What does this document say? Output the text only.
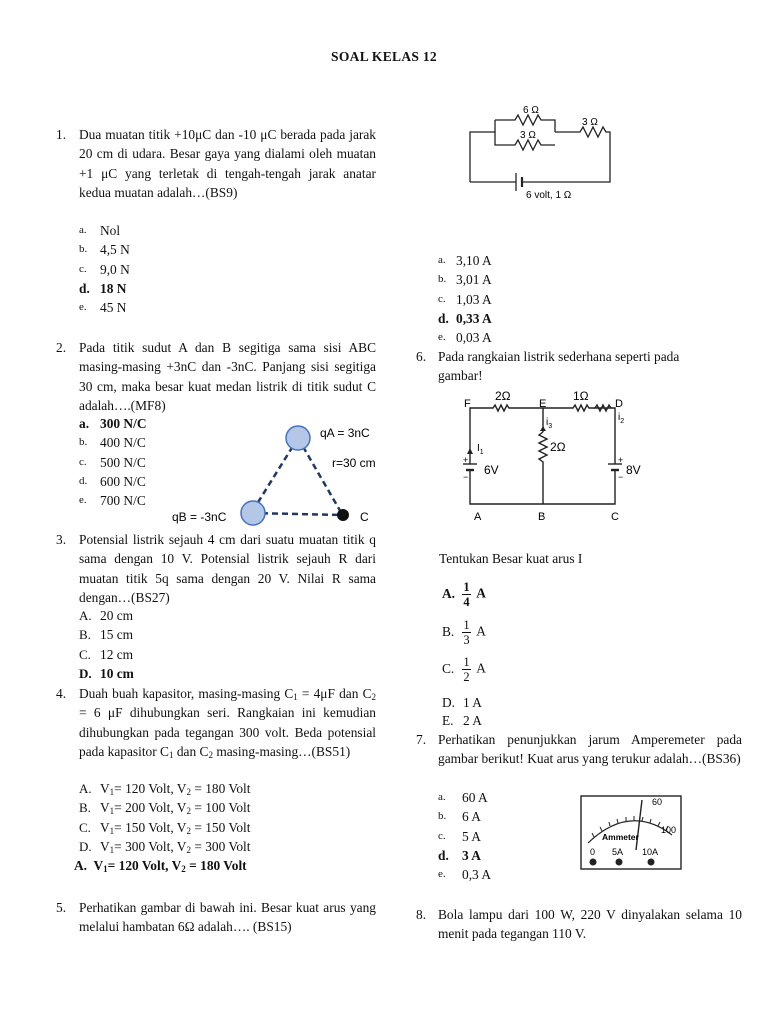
SOAL KELAS 12
1. Dua muatan titik +10μC dan -10 μC berada pada jarak 20 cm di udara. Besar gaya yang dialami oleh muatan +1 μC yang terletak di tengah-tengah jarak anatar kedua muatan adalah…(BS9)
a. Nol
b. 4,5 N
c. 9,0 N
d. 18 N
e. 45 N
2. Pada titik sudut A dan B segitiga sama sisi ABC masing-masing +3nC dan -3nC. Panjang sisi segitiga 30 cm, maka besar kuat medan listrik di titik sudut C adalah….(MF8)
a. 300 N/C
b. 400 N/C
c. 500 N/C
d. 600 N/C
e. 700 N/C
qA = 3nC
r=30 cm
qB = -3nC	C
3. Potensial listrik sejauh 4 cm dari suatu muatan titik q sama dengan 10 V. Potensial listrik sejauh R dari muatan titik 5q sama dengan 20 V. Nilai R sama dengan…(BS27)
A. 20 cm
B. 15 cm
C. 12 cm
D. 10 cm
4. Duah buah kapasitor, masing-masing $C_1 = 4\mu F$ dan $C_2 = 6$ μF dihubungkan seri. Rangkaian ini kemudian dihubungkan pada tegangan 300 volt. Beda potensial pada kapasitor $C_1$ dan $C_2$ masing-masing…(BS51)
A. $V_1= 120$ Volt, $V_2 = 180$ Volt
B. $V_1= 200$ Volt, $V_2 = 100$ Volt
C. $V_1= 150$ Volt, $V_2 = 150$ Volt
D. $V_1= 300$ Volt, $V_2 = 300$ Volt
A. $V_1= 120$ Volt, $V_2 = 180$ Volt
5. Perhatikan gambar di bawah ini. Besar kuat arus yang melalui hambatan 6Ω adalah…. (BS15)
6 Ω
3 Ω
3 Ω
6 volt, 1 Ω
a. 3,10 A
b. 3,01 A
c. 1,03 A
d. 0,33 A
e. 0,03 A
6. Pada rangkaian listrik sederhana seperti pada gambar!
+
−
+
−
F	E	D
2Ω	1Ω
2Ω
6V	8V
$I_1$
$i_3$
$i_2$
A	B	C
Tentukan Besar kuat arus I
A. $\frac{1}{4}$ A
B. $\frac{1}{3}$ A
C. $\frac{1}{2}$ A
D. 1 A
E. 2 A
7. Perhatikan penunjukkan jarum Amperemeter pada gambar berikut! Kuat arus yang terukur adalah…(BS36)
a. 60 A
b. 6 A
c. 5 A
d. 3 A
e. 0,3 A
60
100
Ammeter
0 5A 10A
8. Bola lampu dari 100 W, 220 V dinyalakan selama 10 menit pada tegangan 110 V.
